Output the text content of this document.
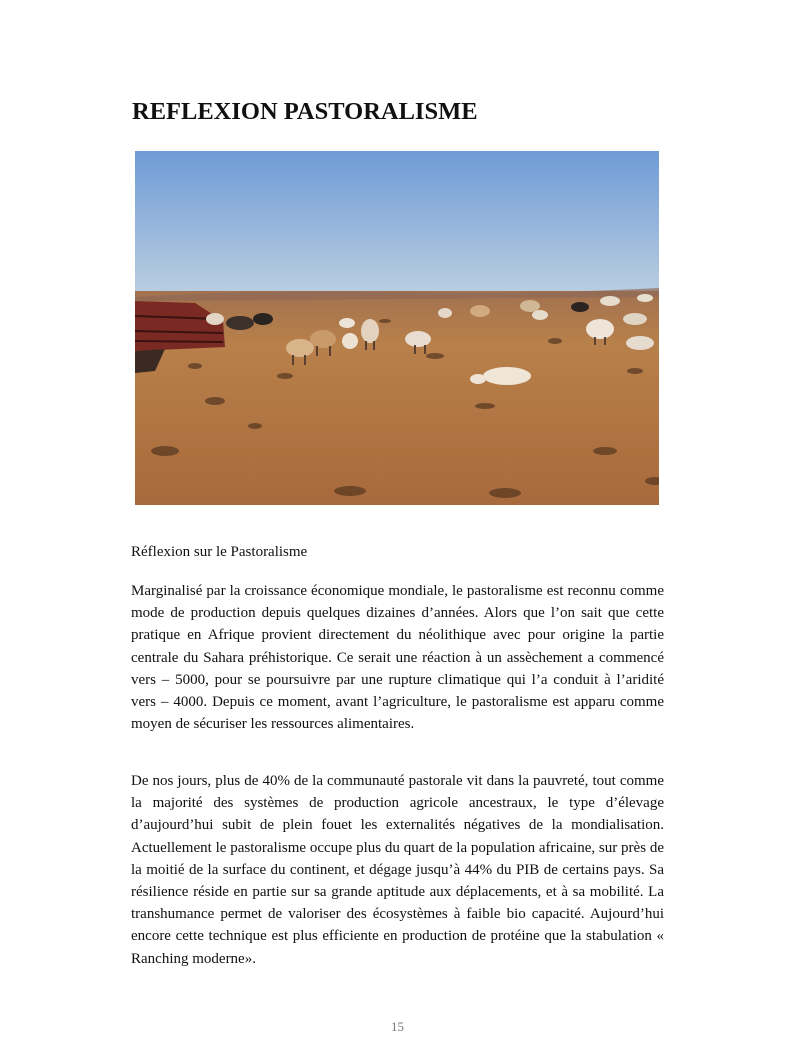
REFLEXION PASTORALISME
Réflexion sur le Pastoralisme

Marginalisé par la croissance économique mondiale, le pastoralisme est reconnu comme mode de production depuis quelques dizaines d’années. Alors que l’on sait que cette pratique en Afrique provient directement du néolithique avec pour origine la partie centrale du Sahara préhistorique. Ce serait une réaction à un assèchement a commencé vers – 5000, pour se poursuivre par une rupture climatique qui l’a conduit à l’aridité vers – 4000. Depuis ce moment, avant l’agriculture, le pastoralisme est apparu comme moyen de sécuriser les ressources alimentaires.

De nos jours, plus de 40% de la communauté pastorale vit dans la pauvreté, tout comme la majorité des systèmes de production agricole ancestraux, le type d’élevage d’aujourd’hui subit de plein fouet les externalités négatives de la mondialisation. Actuellement le pastoralisme occupe plus du quart de la population africaine, sur près de la moitié de la surface du continent, et dégage jusqu’à 44% du PIB de certains pays. Sa résilience réside en partie sur sa grande aptitude aux déplacements, et à sa mobilité. La transhumance permet de valoriser des écosystèmes à faible bio capacité. Aujourd’hui encore cette technique est plus efficiente en production de protéine que la stabulation « Ranching moderne».

15
